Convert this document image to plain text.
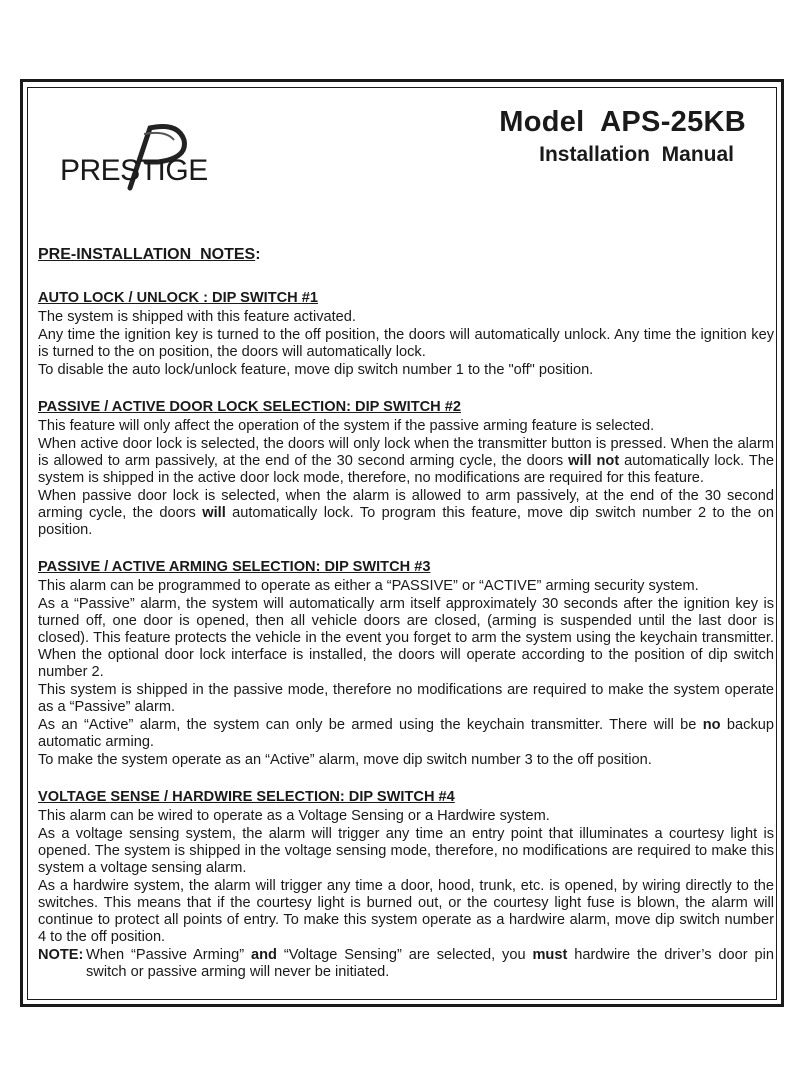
PRESTIGE

Model  APS-25KB

Installation  Manual

PRE-INSTALLATION  NOTES:

AUTO LOCK / UNLOCK : DIP SWITCH #1

The system is shipped with this feature activated.

Any time the ignition key is turned to the off position, the doors will automatically unlock. Any time the ignition key is turned to the on position, the doors will automatically lock.

To disable the auto lock/unlock feature, move dip switch number 1 to the "off" position.

PASSIVE / ACTIVE DOOR LOCK SELECTION: DIP SWITCH #2

This feature will only affect the operation of the system if the passive arming feature is selected.

When active door lock is selected, the doors will only lock when the transmitter button is pressed. When the alarm is allowed to arm passively, at the end of the 30 second arming cycle, the doors will not automatically lock. The system is shipped in the active door lock mode, therefore, no modifications are required for this feature.

When passive door lock is selected, when the alarm is allowed to arm passively, at the end of the 30 second arming cycle, the doors will automatically lock. To program this feature, move dip switch number 2 to the on position.

PASSIVE / ACTIVE ARMING SELECTION: DIP SWITCH #3

This alarm can be programmed to operate as either a “PASSIVE” or “ACTIVE” arming security system.

As a “Passive” alarm, the system will automatically arm itself approximately 30 seconds after the ignition key is turned off, one door is opened, then all vehicle doors are closed, (arming is suspended until the last door is closed). This feature protects the vehicle in the event you forget to arm the system using the keychain transmitter. When the optional door lock interface is installed, the doors will operate according to the position of dip switch number 2.

This system is shipped in the passive mode, therefore no modifications are required to make the system operate as a “Passive” alarm.

As an “Active” alarm, the system can only be armed using the keychain transmitter. There will be no backup automatic arming.

To make the system operate as an “Active” alarm, move dip switch number 3 to the off position.

VOLTAGE SENSE / HARDWIRE SELECTION: DIP SWITCH #4

This alarm can be wired to operate as a Voltage Sensing or a Hardwire system.

As a voltage sensing system, the alarm will trigger any time an entry point that illuminates a courtesy light is opened. The system is shipped in the voltage sensing mode, therefore, no modifications are required to make this system a voltage sensing alarm.

As a hardwire system, the alarm will trigger any time a door, hood, trunk, etc. is opened, by wiring directly to the switches. This means that if the courtesy light is burned out, or the courtesy light fuse is blown, the alarm will continue to protect all points of entry. To make this system operate as a hardwire alarm, move dip switch number 4 to the off position.

NOTE: When “Passive Arming” and “Voltage Sensing” are selected, you must hardwire the driver’s door pin switch or passive arming will never be initiated.
